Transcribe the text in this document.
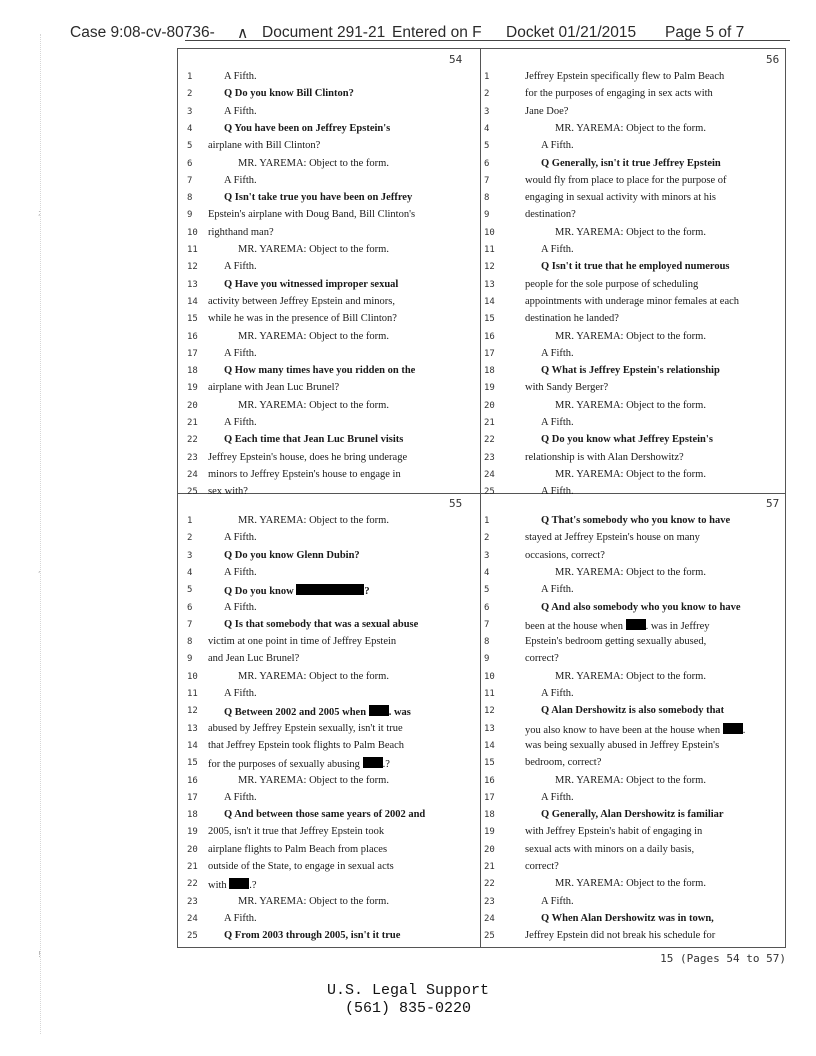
;
,
!
Case 9:08-cv-80736- ∧ Document 291-21 Entered on F Docket 01/21/2015 Page 5 of 7
54
1	A Fifth.
2	Q Do you know Bill Clinton?
3	A Fifth.
4	Q You have been on Jeffrey Epstein's
5 airplane with Bill Clinton?
6	MR. YAREMA: Object to the form.
7	A Fifth.
8	Q Isn't take true you have been on Jeffrey
9 Epstein's airplane with Doug Band, Bill Clinton's
10 righthand man?
11	MR. YAREMA: Object to the form.
12 A Fifth.
13 Q Have you witnessed improper sexual
14 activity between Jeffrey Epstein and minors,
15 while he was in the presence of Bill Clinton?
16	MR. YAREMA: Object to the form.
17 A Fifth.
18 Q How many times have you ridden on the
19 airplane with Jean Luc Brunel?
20	MR. YAREMA: Object to the form.
21 A Fifth.
22 Q Each time that Jean Luc Brunel visits
23 Jeffrey Epstein's house, does he bring underage
24 minors to Jeffrey Epstein's house to engage in
25 sex with?
56
1	Jeffrey Epstein specifically flew to Palm Beach
2	for the purposes of engaging in sex acts with
3	Jane Doe?
4	MR. YAREMA: Object to the form.
5	A Fifth.
6	Q Generally, isn't it true Jeffrey Epstein
7	would fly from place to place for the purpose of
8	engaging in sexual activity with minors at his
9	destination?
10	MR. YAREMA: Object to the form.
11	A Fifth.
12	Q Isn't it true that he employed numerous
13	people for the sole purpose of scheduling
14	appointments with underage minor females at each
15	destination he landed?
16	MR. YAREMA: Object to the form.
17	A Fifth.
18	Q What is Jeffrey Epstein's relationship
19	with Sandy Berger?
20	MR. YAREMA: Object to the form.
21	A Fifth.
22	Q Do you know what Jeffrey Epstein's
23	relationship is with Alan Dershowitz?
24	MR. YAREMA: Object to the form.
25	A Fifth.
55
1	MR. YAREMA: Object to the form.
2	A Fifth.
3	Q Do you know Glenn Dubin?
4	A Fifth.
5	Q Do you know	?
6	A Fifth.
7	Q Is that somebody that was a sexual abuse
8 victim at one point in time of Jeffrey Epstein
9 and Jean Luc Brunel?
10	MR. YAREMA: Object to the form.
11 A Fifth.
12 Q Between 2002 and 2005 when . was
13 abused by Jeffrey Epstein sexually, isn't it true
14 that Jeffrey Epstein took flights to Palm Beach
15 for the purposes of sexually abusing .?
16	MR. YAREMA: Object to the form.
17 A Fifth.
18 Q And between those same years of 2002 and
19 2005, isn't it true that Jeffrey Epstein took
20 airplane flights to Palm Beach from places
21 outside of the State, to engage in sexual acts
22 with .?
23	MR. YAREMA: Object to the form.
24 A Fifth.
25 Q From 2003 through 2005, isn't it true
57
1	Q That's somebody who you know to have
2	stayed at Jeffrey Epstein's house on many
3	occasions, correct?
4	MR. YAREMA: Object to the form.
5	A Fifth.
6	Q And also somebody who you know to have
7	been at the house when . was in Jeffrey
8	Epstein's bedroom getting sexually abused,
9	correct?
10	MR. YAREMA: Object to the form.
11	A Fifth.
12	Q Alan Dershowitz is also somebody that
13	you also know to have been at the house when .
14	was being sexually abused in Jeffrey Epstein's
15	bedroom, correct?
16	MR. YAREMA: Object to the form.
17	A Fifth.
18	Q Generally, Alan Dershowitz is familiar
19	with Jeffrey Epstein's habit of engaging in
20	sexual acts with minors on a daily basis,
21	correct?
22	MR. YAREMA: Object to the form.
23	A Fifth.
24	Q When Alan Dershowitz was in town,
25	Jeffrey Epstein did not break his schedule for
15 (Pages 54 to 57)
U.S. Legal Support
(561) 835-0220
